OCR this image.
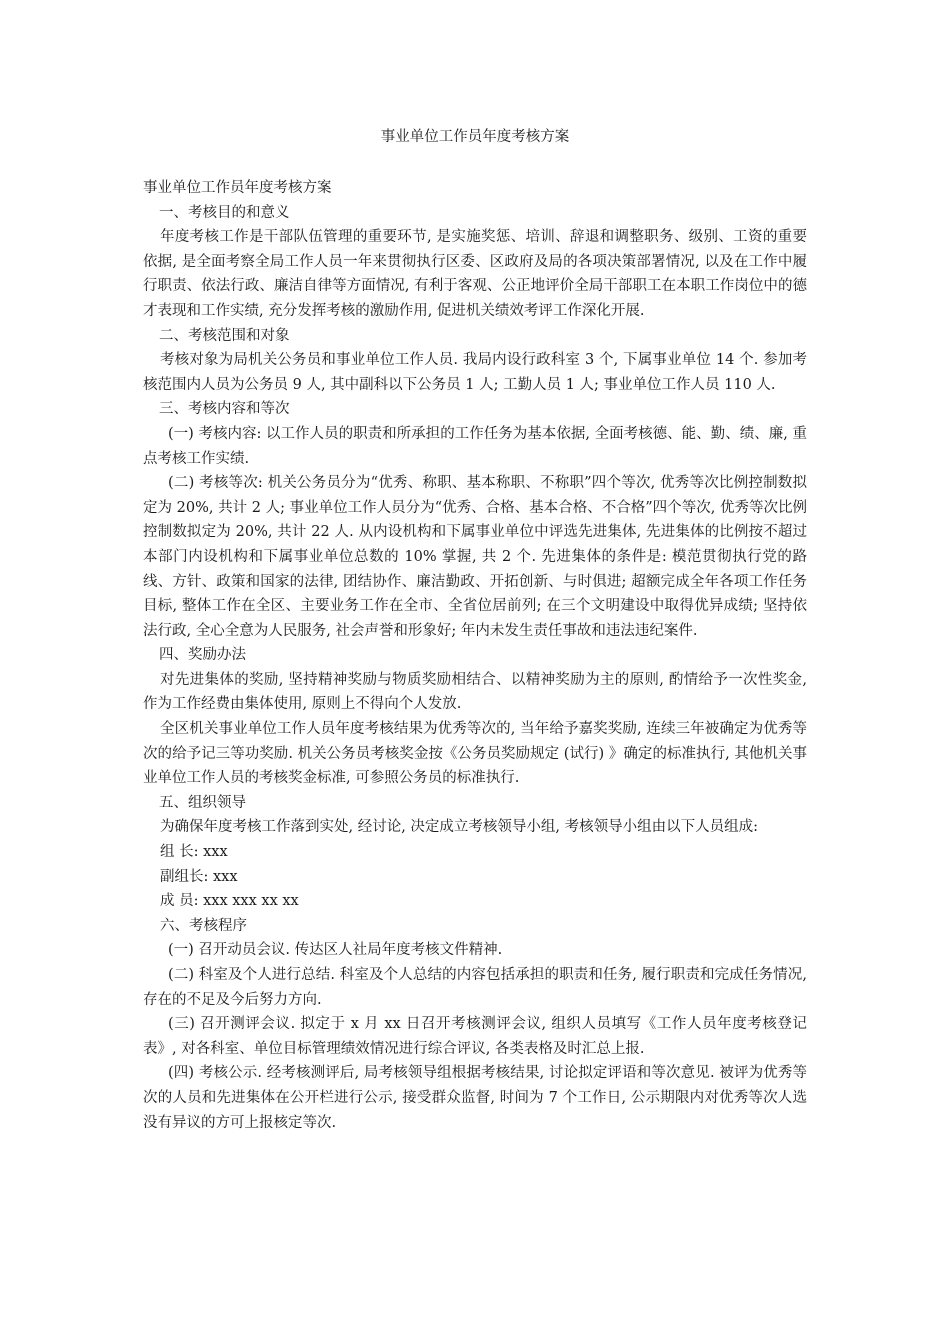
事业单位工作员年度考核方案

事业单位工作员年度考核方案

一、考核目的和意义

年度考核工作是干部队伍管理的重要环节, 是实施奖惩、培训、辞退和调整职务、级别、工资的重要依据, 是全面考察全局工作人员一年来贯彻执行区委、区政府及局的各项决策部署情况, 以及在工作中履行职责、依法行政、廉洁自律等方面情况, 有利于客观、公正地评价全局干部职工在本职工作岗位中的德才表现和工作实绩, 充分发挥考核的激励作用, 促进机关绩效考评工作深化开展.

二、考核范围和对象

考核对象为局机关公务员和事业单位工作人员. 我局内设行政科室 3 个, 下属事业单位 14 个. 参加考核范围内人员为公务员 9 人, 其中副科以下公务员 1 人; 工勤人员 1 人; 事业单位工作人员 110 人.

三、考核内容和等次

(一) 考核内容: 以工作人员的职责和所承担的工作任务为基本依据, 全面考核德、能、勤、绩、廉, 重点考核工作实绩.

(二) 考核等次: 机关公务员分为“优秀、称职、基本称职、不称职”四个等次, 优秀等次比例控制数拟定为 20%, 共计 2 人; 事业单位工作人员分为“优秀、合格、基本合格、不合格”四个等次, 优秀等次比例控制数拟定为 20%, 共计 22 人. 从内设机构和下属事业单位中评选先进集体, 先进集体的比例按不超过本部门内设机构和下属事业单位总数的 10% 掌握, 共 2 个. 先进集体的条件是: 模范贯彻执行党的路线、方针、政策和国家的法律, 团结协作、廉洁勤政、开拓创新、与时俱进; 超额完成全年各项工作任务目标, 整体工作在全区、主要业务工作在全市、全省位居前列; 在三个文明建设中取得优异成绩; 坚持依法行政, 全心全意为人民服务, 社会声誉和形象好; 年内未发生责任事故和违法违纪案件.

四、奖励办法

对先进集体的奖励, 坚持精神奖励与物质奖励相结合、以精神奖励为主的原则, 酌情给予一次性奖金, 作为工作经费由集体使用, 原则上不得向个人发放.

全区机关事业单位工作人员年度考核结果为优秀等次的, 当年给予嘉奖奖励, 连续三年被确定为优秀等次的给予记三等功奖励. 机关公务员考核奖金按《公务员奖励规定 (试行) 》确定的标准执行, 其他机关事业单位工作人员的考核奖金标准, 可参照公务员的标准执行.

五、组织领导

为确保年度考核工作落到实处, 经讨论, 决定成立考核领导小组, 考核领导小组由以下人员组成:

组 长: xxx

副组长: xxx

成 员: xxx xxx xx xx

六、考核程序

(一) 召开动员会议. 传达区人社局年度考核文件精神.

(二) 科室及个人进行总结. 科室及个人总结的内容包括承担的职责和任务, 履行职责和完成任务情况, 存在的不足及今后努力方向.

(三) 召开测评会议. 拟定于 x 月 xx 日召开考核测评会议, 组织人员填写《工作人员年度考核登记表》, 对各科室、单位目标管理绩效情况进行综合评议, 各类表格及时汇总上报.

(四) 考核公示. 经考核测评后, 局考核领导组根据考核结果, 讨论拟定评语和等次意见. 被评为优秀等次的人员和先进集体在公开栏进行公示, 接受群众监督, 时间为 7 个工作日, 公示期限内对优秀等次人选没有异议的方可上报核定等次.
